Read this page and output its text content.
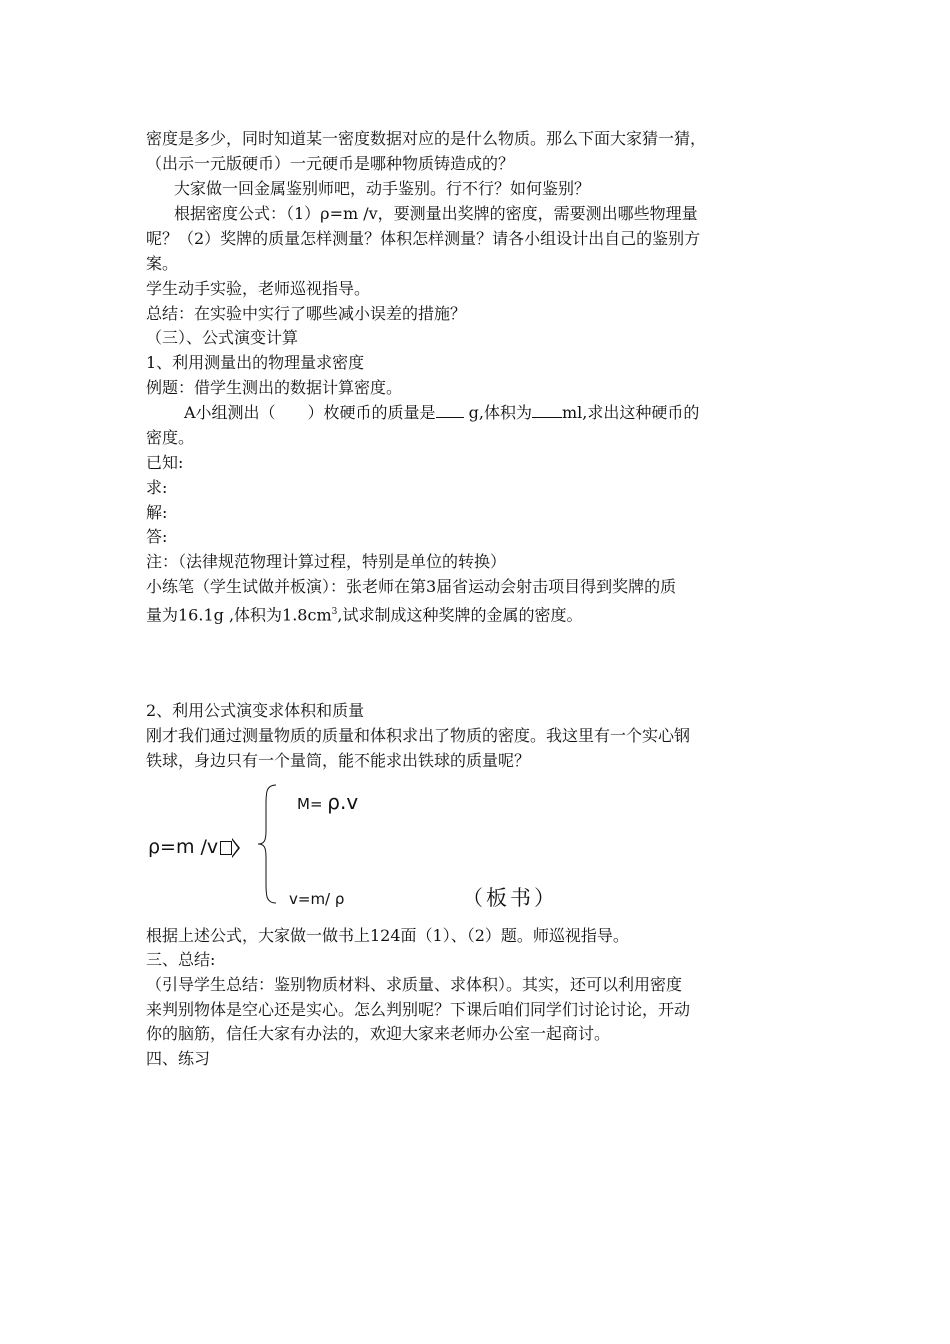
密度是多少，同时知道某一密度数据对应的是什么物质。那么下面大家猜一猜，
（出示一元版硬币）一元硬币是哪种物质铸造成的？
大家做一回金属鉴别师吧，动手鉴别。行不行？如何鉴别？
根据密度公式：（1）ρ=m /v，要测量出奖牌的密度，需要测出哪些物理量
呢？（2）奖牌的质量怎样测量？体积怎样测量？请各小组设计出自己的鉴别方
案。
学生动手实验，老师巡视指导。
总结：在实验中实行了哪些减小误差的措施？
（三）、公式演变计算
1、利用测量出的物理量求密度
例题：借学生测出的数据计算密度。
A小组测出（　　）枚硬币的质量是 g,体积为 ml,求出这种硬币的
密度。
已知:
求:
解:
答:
注：（法律规范物理计算过程，特别是单位的转换）
小练笔（学生试做并板演）：张老师在第3届省运动会射击项目得到奖牌的质
量为16.1g ,体积为$1.8cm^3$,试求制成这种奖牌的金属的密度。
2、利用公式演变求体积和质量
刚才我们通过测量物质的质量和体积求出了物质的密度。我这里有一个实心钢
铁球，身边只有一个量筒，能不能求出铁球的质量呢？
ρ=m /v
M= ρ.v
v=m/ ρ	（板书）
根据上述公式，大家做一做书上124面（1）、（2）题。师巡视指导。
三、总结:
（引导学生总结：鉴别物质材料、求质量、求体积）。其实，还可以利用密度
来判别物体是空心还是实心。怎么判别呢？下课后咱们同学们讨论讨论，开动
你的脑筋，信任大家有办法的，欢迎大家来老师办公室一起商讨。
四、练习
